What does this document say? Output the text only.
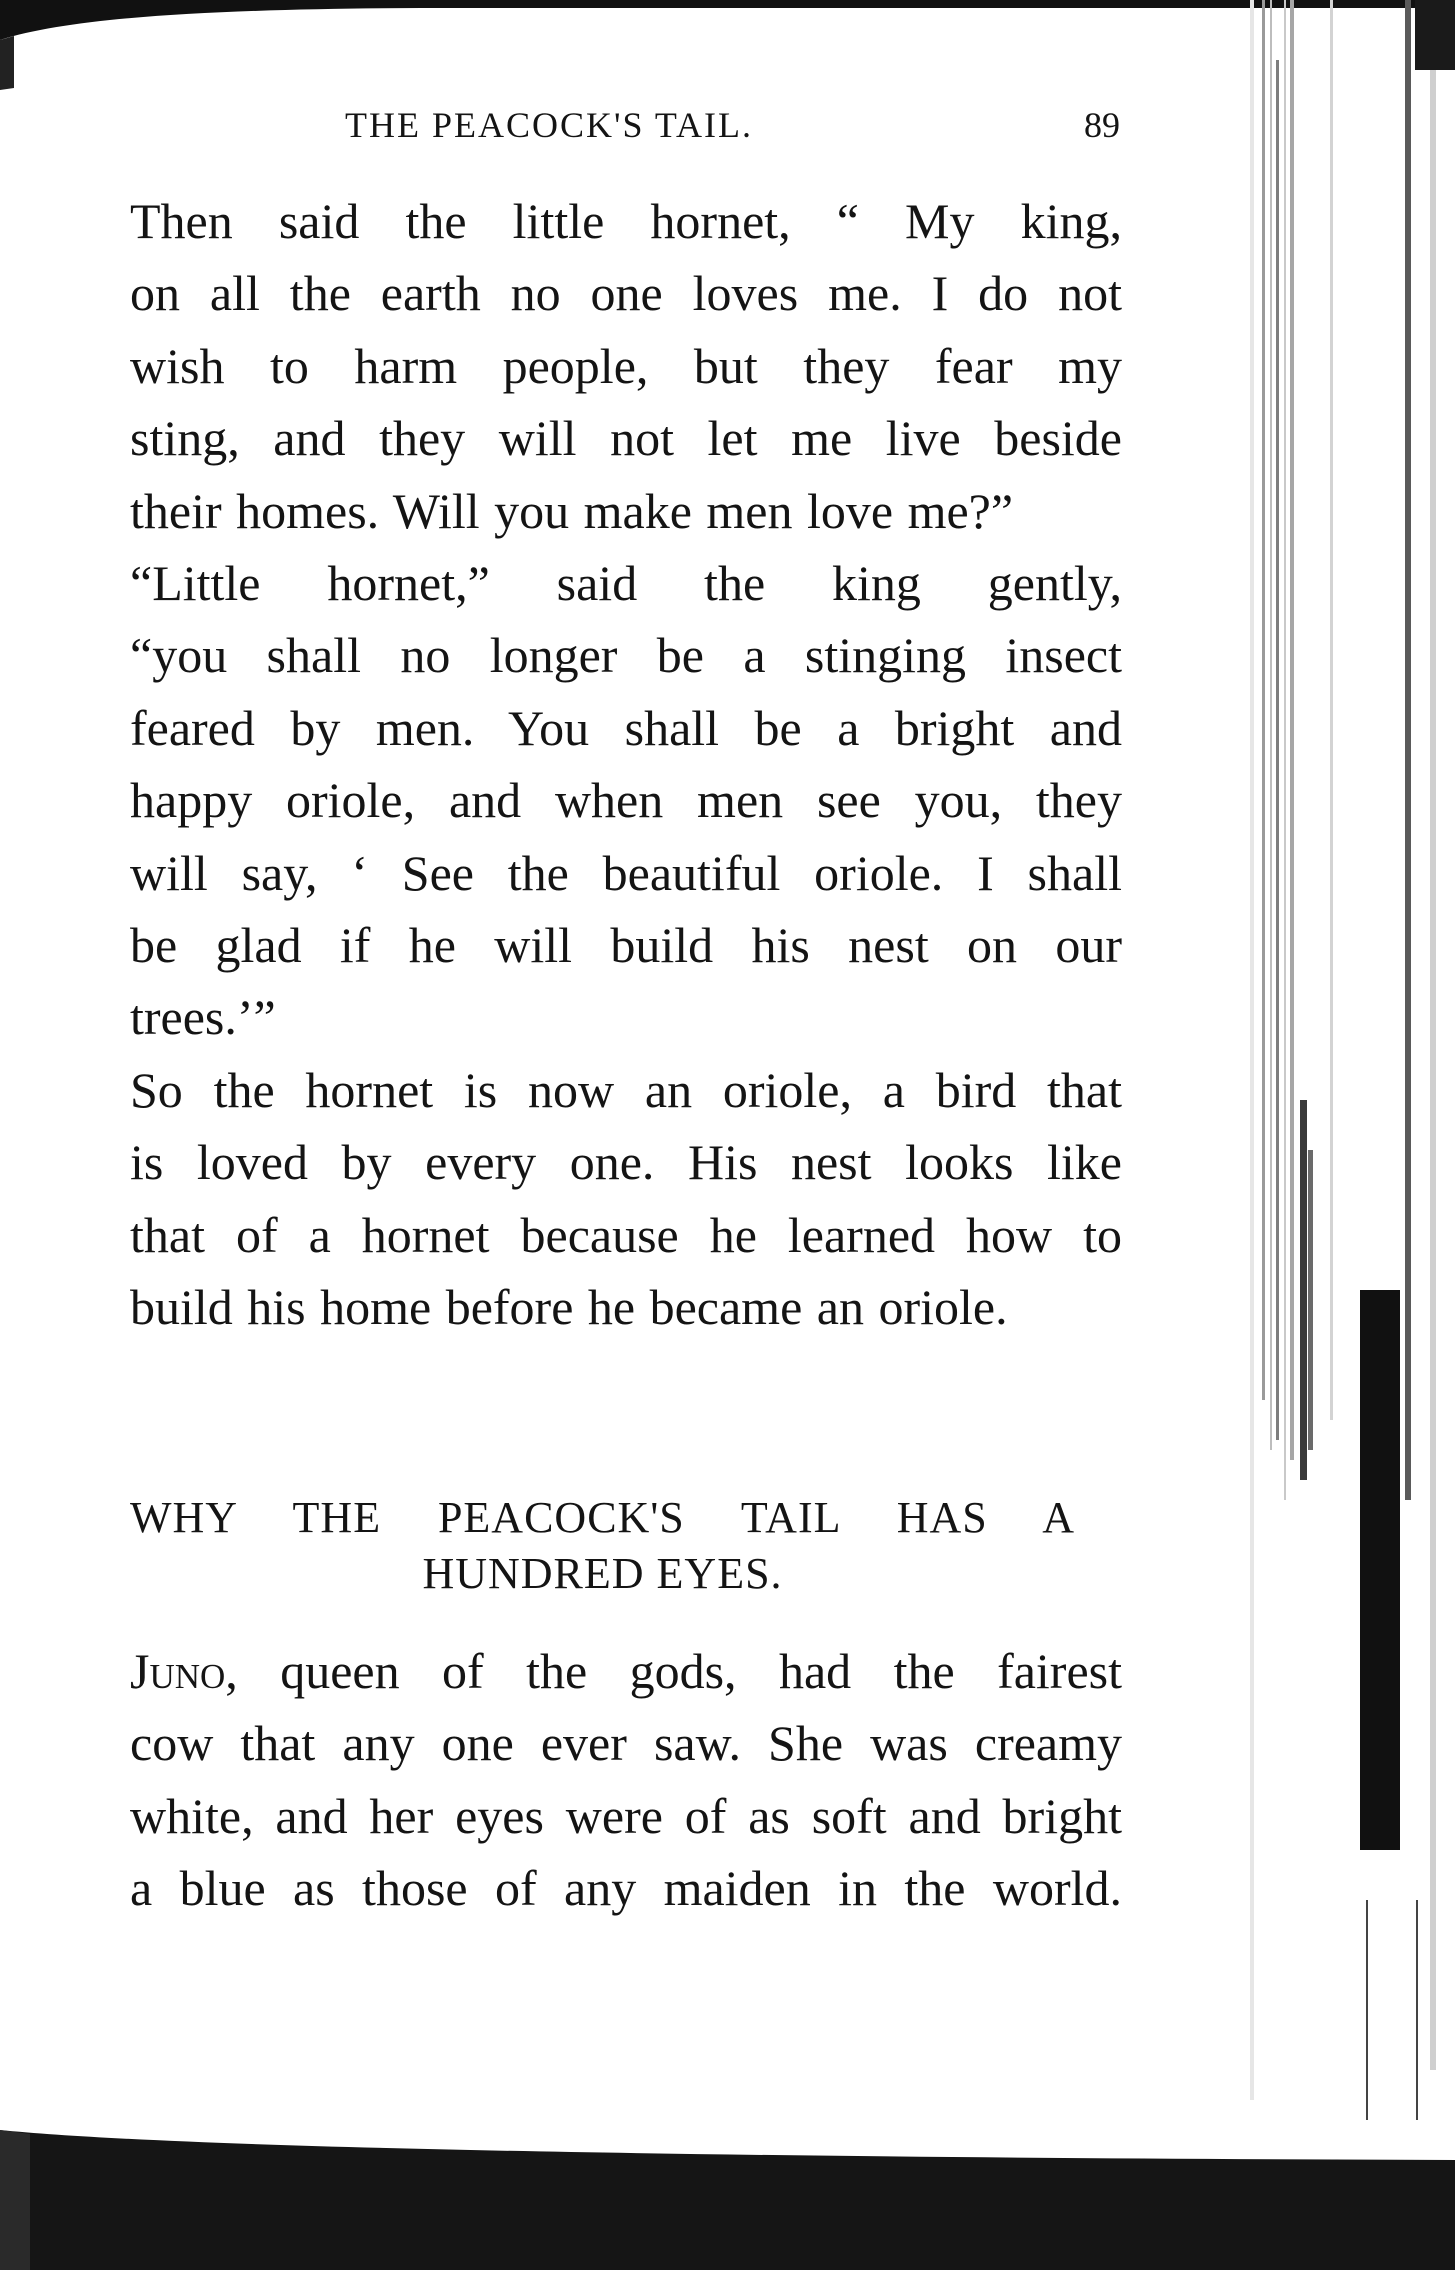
THE PEACOCK'S TAIL.	89

Then said the little hornet, “ My king,
on all the earth no one loves me. I do not
wish to harm people, but they fear my
sting, and they will not let me live beside
their homes. Will you make men love me?”

“Little hornet,” said the king gently,
“you shall no longer be a stinging insect
feared by men. You shall be a bright and
happy oriole, and when men see you, they
will say, ‘ See the beautiful oriole. I shall
be glad if he will build his nest on our
trees.’”

So the hornet is now an oriole, a bird that
is loved by every one. His nest looks like
that of a hornet because he learned how to
build his home before he became an oriole.

WHY THE PEACOCK'S TAIL HAS A
HUNDRED EYES.

Juno, queen of the gods, had the fairest
cow that any one ever saw. She was creamy
white, and her eyes were of as soft and bright
a blue as those of any maiden in the world.
